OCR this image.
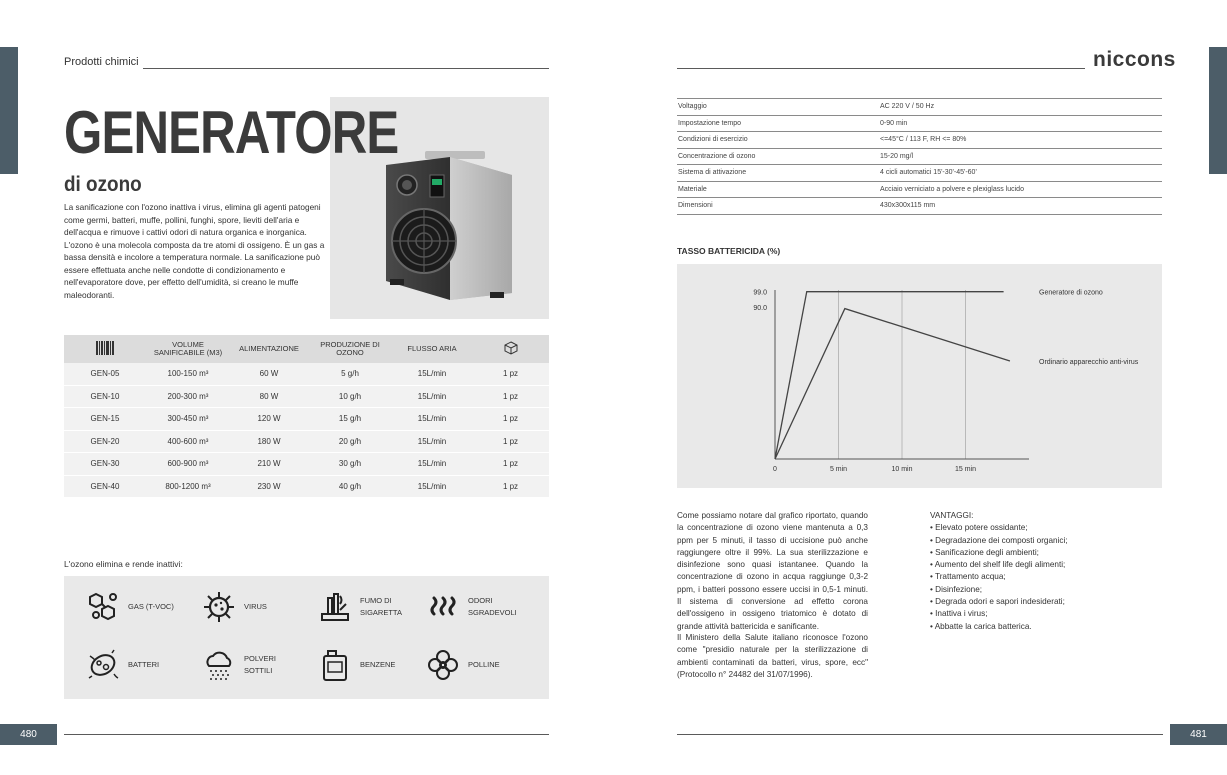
Prodotti chimici
GENERATORE
di ozono
La sanificazione con l'ozono inattiva i virus, elimina gli agenti patogeni come germi, batteri, muffe, pollini, funghi, spore, lieviti dell'aria e dell'acqua e rimuove i cattivi odori di natura organica e inorganica. L'ozono è una molecola composta da tre atomi di ossigeno. È un gas a bassa densità e incolore a temperatura normale. La sanificazione può essere effettuata anche nelle condotte di condizionamento e nell'evaporatore dove, per effetto dell'umidità, si creano le muffe maleodoranti.
	VOLUME SANIFICABILE (M3)	ALIMENTAZIONE	PRODUZIONE DI OZONO	FLUSSO ARIA	
GEN-05	100-150 m³	60 W	5 g/h	15L/min	1 pz
GEN-10	200-300 m³	80 W	10 g/h	15L/min	1 pz
GEN-15	300-450 m³	120 W	15 g/h	15L/min	1 pz
GEN-20	400-600 m³	180 W	20 g/h	15L/min	1 pz
GEN-30	600-900 m³	210 W	30 g/h	15L/min	1 pz
GEN-40	800-1200 m³	230 W	40 g/h	15L/min	1 pz
L'ozono elimina e rende inattivi:
GAS (T-VOC)	VIRUS
FUMO DI
SIGARETTA
ODORI
SGRADEVOLI
BATTERI
POLVERI
SOTTILI
BENZENE	POLLINE
480
niccons
Voltaggio	AC 220 V / 50 Hz
Impostazione tempo	0-90 min
Condizioni di esercizio	<=45°C / 113 F, RH <= 80%
Concentrazione di ozono	15-20 mg/l
Sistema di attivazione	4 cicli automatici 15'-30'-45'-60'
Materiale	Acciaio verniciato a polvere e plexiglass lucido
Dimensioni	430x300x115 mm
TASSO BATTERICIDA (%)
90.0
99.0
0	5 min	10 min	15 min
Generatore di ozono
Ordinario apparecchio anti-virus
Come possiamo notare dal grafico riportato, quando la concentrazione di ozono viene mantenuta a 0,3 ppm per 5 minuti, il tasso di uccisione può anche raggiungere oltre il 99%. La sua sterilizzazione e disinfezione sono quasi istantanee. Quando la concentrazione di ozono in acqua raggiunge 0,3-2 ppm, i batteri possono essere uccisi in 0,5-1 minuti. Il sistema di conversione ad effetto corona dell'ossigeno in ossigeno triatomico è dotato di grande attività battericida e sanificante.
Il Ministero della Salute italiano riconosce l'ozono come "presidio naturale per la sterilizzazione di ambienti contaminati da batteri, virus, spore, ecc" (Protocollo n° 24482 del 31/07/1996).
VANTAGGI:
• Elevato potere ossidante;
• Degradazione dei composti organici;
• Sanificazione degli ambienti;
• Aumento del shelf life degli alimenti;
• Trattamento acqua;
• Disinfezione;
• Degrada odori e sapori indesiderati;
• Inattiva i virus;
• Abbatte la carica batterica.
481
